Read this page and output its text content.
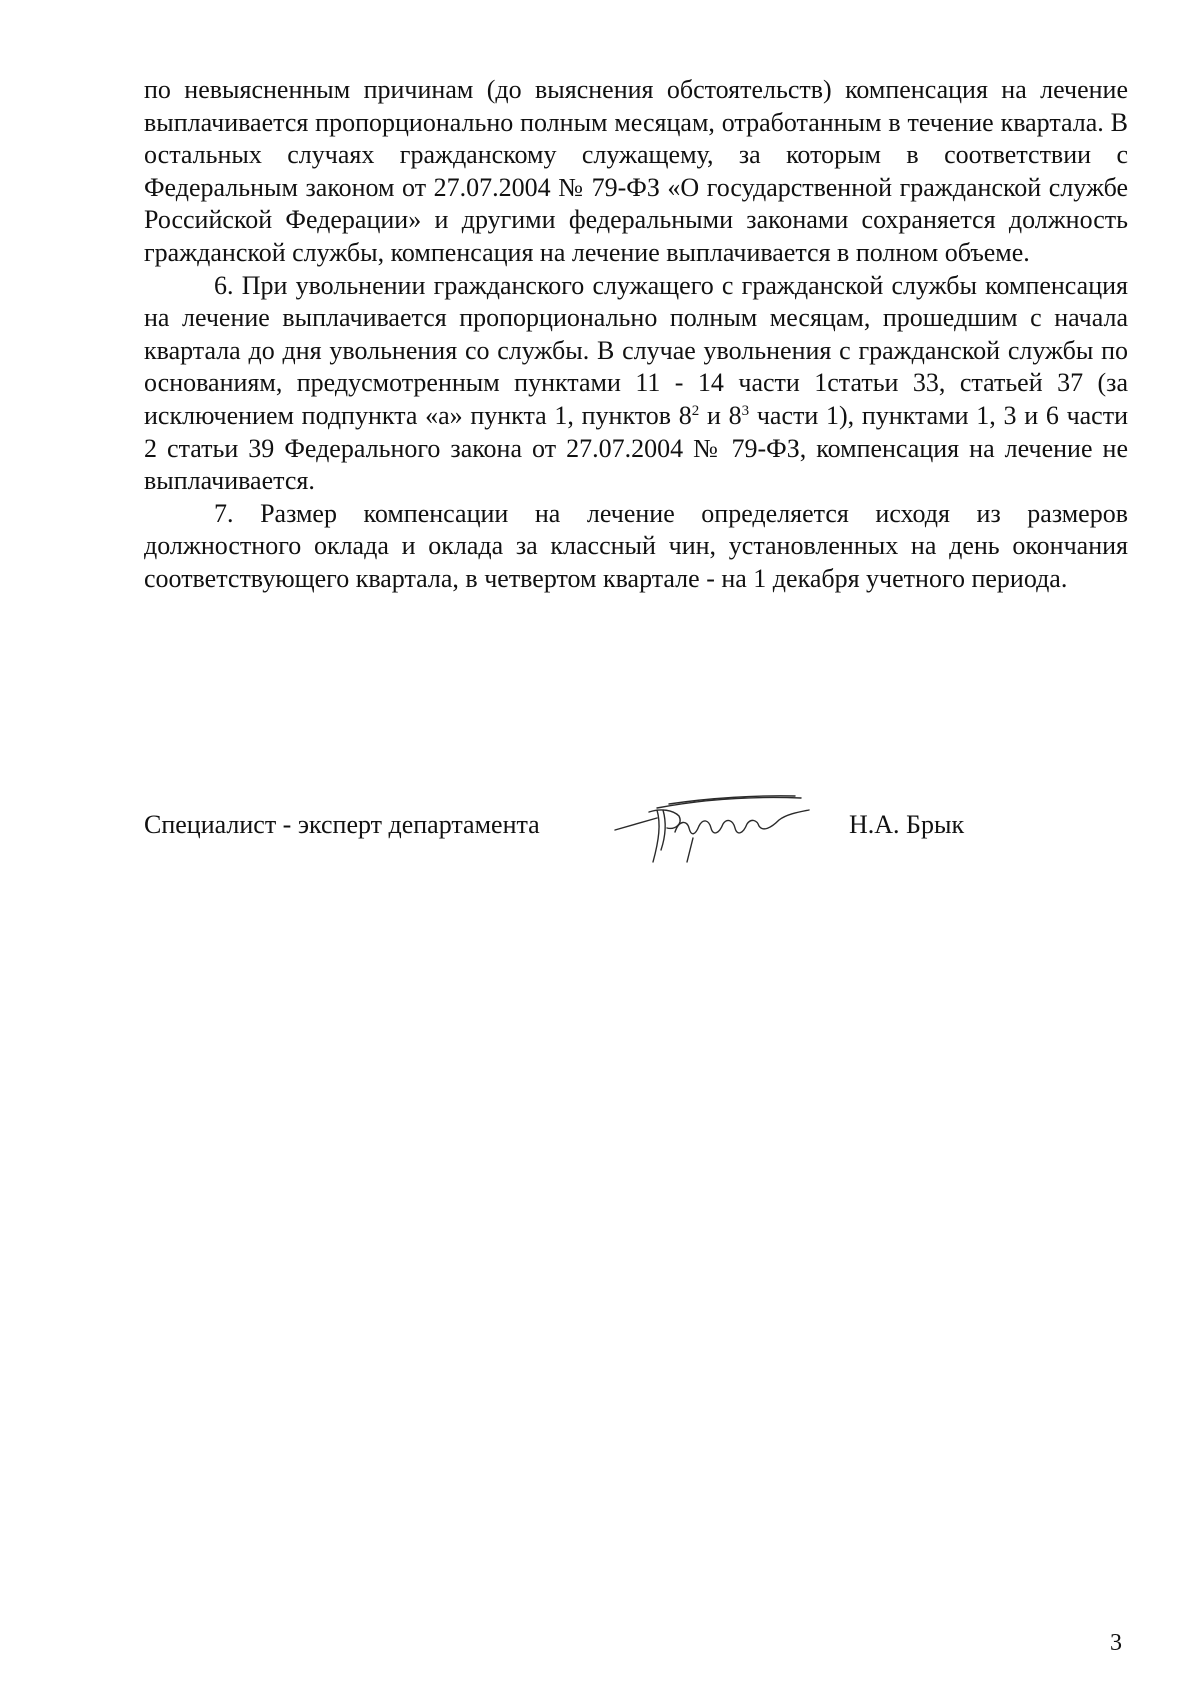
по невыясненным причинам (до выяснения обстоятельств) компенсация на лечение выплачивается пропорционально полным месяцам, отработанным в течение квартала. В остальных случаях гражданскому служащему, за которым в соответствии с Федеральным законом от 27.07.2004 № 79-ФЗ «О государственной гражданской службе Российской Федерации» и другими федеральными законами сохраняется должность гражданской службы, компенсация на лечение выплачивается в полном объеме.

6. При увольнении гражданского служащего с гражданской службы компенсация на лечение выплачивается пропорционально полным месяцам, прошедшим с начала квартала до дня увольнения со службы. В случае увольнения с гражданской службы по основаниям, предусмотренным пунктами 11 - 14 части 1статьи 33, статьей 37 (за исключением подпункта «а» пункта 1, пунктов $8^2$ и $8^3$ части 1), пунктами 1, 3 и 6 части 2 статьи 39 Федерального закона от 27.07.2004 № 79-ФЗ, компенсация на лечение не выплачивается.

7. Размер компенсации на лечение определяется исходя из размеров должностного оклада и оклада за классный чин, установленных на день окончания соответствующего квартала, в четвертом квартале - на 1 декабря учетного периода.

Специалист - эксперт департамента	Н.А. Брык
3
